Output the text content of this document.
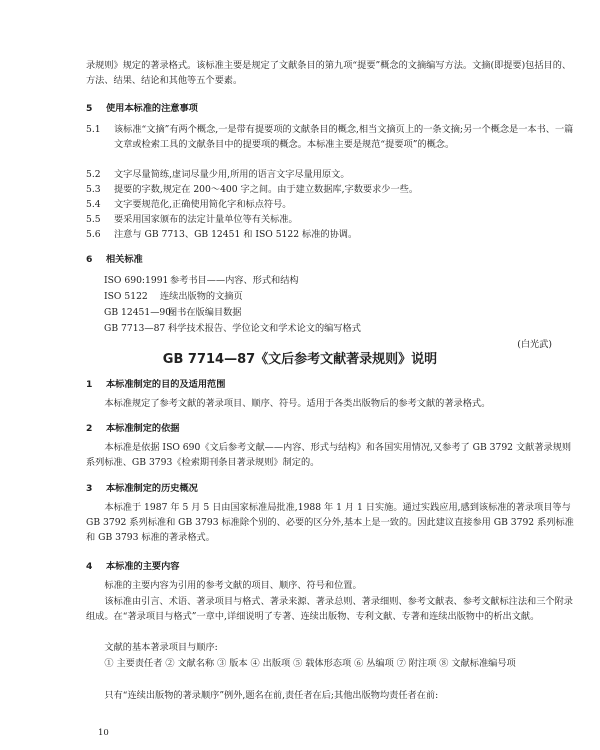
录规则》规定的著录格式。该标准主要是规定了文献条目的第九项“提要”概念的文摘编写方法。文摘(即提要)包括目的、方法、结果、结论和其他等五个要素。

5 使用本标准的注意事项
5.1	该标准“文摘”有两个概念,一是带有提要项的文献条目的概念,相当文摘页上的一条文摘;另一个概念是一本书、一篇文章或检索工具的文献条目中的提要项的概念。本标准主要是规范“提要项”的概念。
5.2	文字尽量简练,虚词尽量少用,所用的语言文字尽量用原文。
5.3	提要的字数,规定在 200～400 字之间。由于建立数据库,字数要求少一些。
5.4	文字要规范化,正确使用简化字和标点符号。
5.5	要采用国家颁布的法定计量单位等有关标准。
5.6	注意与 GB 7713、GB 12451 和 ISO 5122 标准的协调。
6 相关标准
ISO 690:1991 参考书目——内容、形式和结构
ISO 5122 连续出版物的文摘页
GB 12451—90图书在版编目数据
GB 7713—87 科学技术报告、学位论文和学术论文的编写格式
(白光武)
GB 7714—87《文后参考文献著录规则》说明
1 本标准制定的目的及适用范围

本标准规定了参考文献的著录项目、顺序、符号。适用于各类出版物后的参考文献的著录格式。

2 本标准制定的依据

本标准是依据 ISO 690《文后参考文献——内容、形式与结构》和各国实用情况,又参考了 GB 3792 文献著录规则系列标准、GB 3793《检索期刊条目著录规则》制定的。

3 本标准制定的历史概况

本标准于 1987 年 5 月 5 日由国家标准局批准,1988 年 1 月 1 日实施。通过实践应用,感到该标准的著录项目等与 GB 3792 系列标准和 GB 3793 标准除个别的、必要的区分外,基本上是一致的。因此建议直接参用 GB 3792 系列标准和 GB 3793 标准的著录格式。

4 本标准的主要内容

标准的主要内容为引用的参考文献的项目、顺序、符号和位置。

该标准由引言、术语、著录项目与格式、著录来源、著录总则、著录细则、参考文献表、参考文献标注法和三个附录组成。在“著录项目与格式”一章中,详细说明了专著、连续出版物、专利文献、专著和连续出版物中的析出文献。

文献的基本著录项目与顺序:

① 主要责任者 ② 文献名称 ③ 版本 ④ 出版项 ⑤ 载体形态项 ⑥ 丛编项 ⑦ 附注项 ⑧ 文献标准编号项

只有“连续出版物的著录顺序”例外,题名在前,责任者在后;其他出版物均责任者在前:

10
